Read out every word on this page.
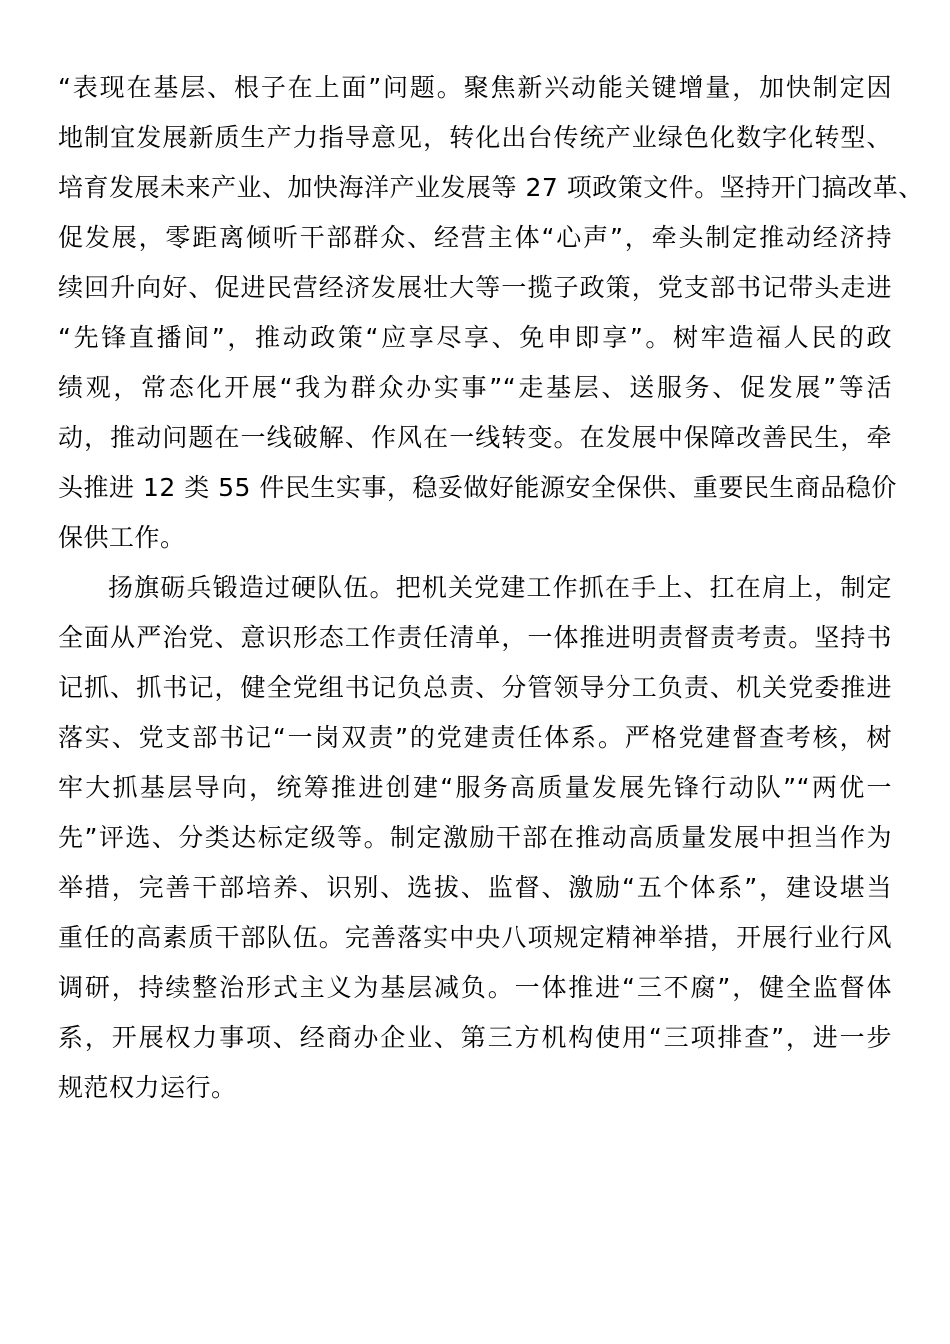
“表现在基层、根子在上面”问题。聚焦新兴动能关键增量，加快制定因
地制宜发展新质生产力指导意见，转化出台传统产业绿色化数字化转型、
培育发展未来产业、加快海洋产业发展等 27 项政策文件。坚持开门搞改革、
促发展，零距离倾听干部群众、经营主体“心声”，牵头制定推动经济持
续回升向好、促进民营经济发展壮大等一揽子政策，党支部书记带头走进
“先锋直播间”，推动政策“应享尽享、免申即享”。树牢造福人民的政
绩观，常态化开展“我为群众办实事”“走基层、送服务、促发展”等活
动，推动问题在一线破解、作风在一线转变。在发展中保障改善民生，牵
头推进 12 类 55 件民生实事，稳妥做好能源安全保供、重要民生商品稳价
保供工作。
扬旗砺兵锻造过硬队伍。把机关党建工作抓在手上、扛在肩上，制定
全面从严治党、意识形态工作责任清单，一体推进明责督责考责。坚持书
记抓、抓书记，健全党组书记负总责、分管领导分工负责、机关党委推进
落实、党支部书记“一岗双责”的党建责任体系。严格党建督查考核，树
牢大抓基层导向，统筹推进创建“服务高质量发展先锋行动队”“两优一
先”评选、分类达标定级等。制定激励干部在推动高质量发展中担当作为
举措，完善干部培养、识别、选拔、监督、激励“五个体系”，建设堪当
重任的高素质干部队伍。完善落实中央八项规定精神举措，开展行业行风
调研，持续整治形式主义为基层减负。一体推进“三不腐”，健全监督体
系，开展权力事项、经商办企业、第三方机构使用“三项排查”，进一步
规范权力运行。
